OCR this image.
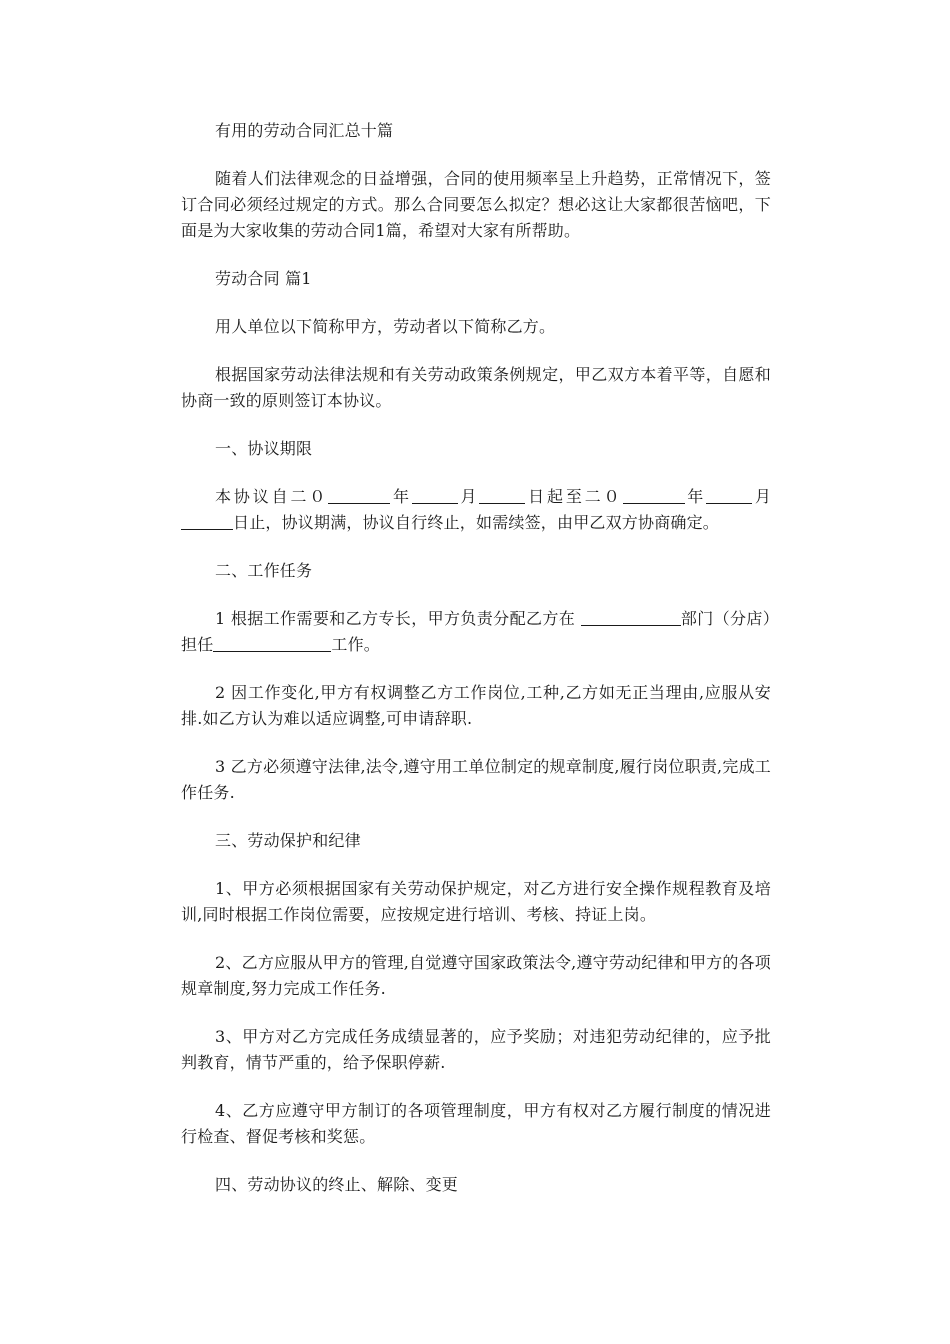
有用的劳动合同汇总十篇

随着人们法律观念的日益增强，合同的使用频率呈上升趋势，正常情况下，签订合同必须经过规定的方式。那么合同要怎么拟定？想必这让大家都很苦恼吧，下面是为大家收集的劳动合同1篇，希望对大家有所帮助。

劳动合同 篇1

用人单位以下简称甲方，劳动者以下简称乙方。

根据国家劳动法律法规和有关劳动政策条例规定，甲乙双方本着平等，自愿和协商一致的原则签订本协议。

一、协议期限

本协议自二０	年	月	日起至二０	年	月日止，协议期满，协议自行终止，如需续签，由甲乙双方协商确定。

二、工作任务

1 根据工作需要和乙方专长，甲方负责分配乙方在	部门（分店）担任	工作。

2 因工作变化,甲方有权调整乙方工作岗位,工种,乙方如无正当理由,应服从安排.如乙方认为难以适应调整,可申请辞职.

3 乙方必须遵守法律,法令,遵守用工单位制定的规章制度,履行岗位职责,完成工作任务.

三、劳动保护和纪律

1、甲方必须根据国家有关劳动保护规定，对乙方进行安全操作规程教育及培训,同时根据工作岗位需要，应按规定进行培训、考核、持证上岗。

2、乙方应服从甲方的管理,自觉遵守国家政策法令,遵守劳动纪律和甲方的各项规章制度,努力完成工作任务.

3、甲方对乙方完成任务成绩显著的，应予奖励；对违犯劳动纪律的，应予批判教育，情节严重的，给予保职停薪.

4、乙方应遵守甲方制订的各项管理制度，甲方有权对乙方履行制度的情况进行检查、督促考核和奖惩。

四、劳动协议的终止、解除、变更
